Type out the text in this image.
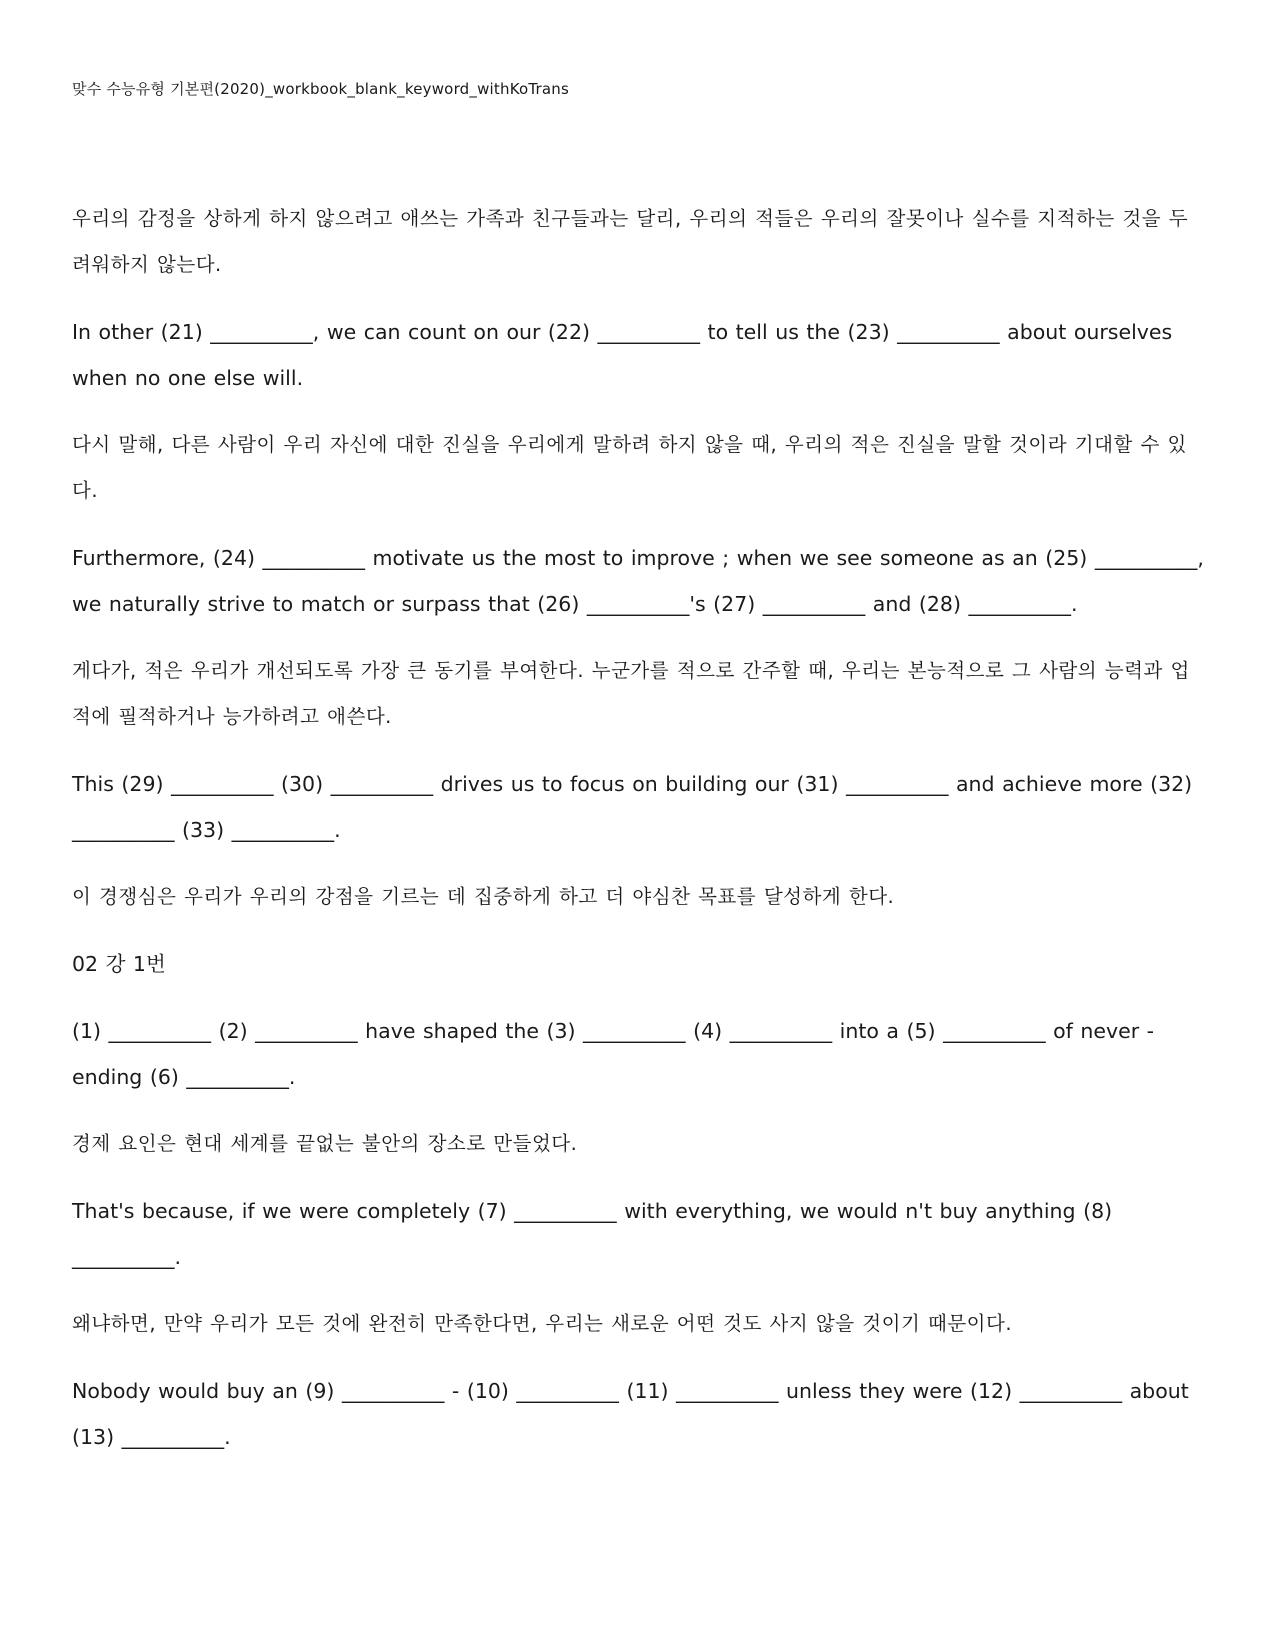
맞수 수능유형 기본편(2020)_workbook_blank_keyword_withKoTrans

우리의 감정을 상하게 하지 않으려고 애쓰는 가족과 친구들과는 달리, 우리의 적들은 우리의 잘못이나 실수를 지적하는 것을 두려워하지 않는다.

In other (21) __________, we can count on our (22) __________ to tell us the (23) __________ about ourselves when no one else will.

다시 말해, 다른 사람이 우리 자신에 대한 진실을 우리에게 말하려 하지 않을 때, 우리의 적은 진실을 말할 것이라 기대할 수 있다.

Furthermore, (24) __________ motivate us the most to improve ; when we see someone as an (25) __________, we naturally strive to match or surpass that (26) __________'s (27) __________ and (28) __________.

게다가, 적은 우리가 개선되도록 가장 큰 동기를 부여한다. 누군가를 적으로 간주할 때, 우리는 본능적으로 그 사람의 능력과 업적에 필적하거나 능가하려고 애쓴다.

This (29) __________ (30) __________ drives us to focus on building our (31) __________ and achieve more (32) __________ (33) __________.

이 경쟁심은 우리가 우리의 강점을 기르는 데 집중하게 하고 더 야심찬 목표를 달성하게 한다.

02 강 1번

(1) __________ (2) __________ have shaped the (3) __________ (4) __________ into a (5) __________ of never - ending (6) __________.

경제 요인은 현대 세계를 끝없는 불안의 장소로 만들었다.

That's because, if we were completely (7) __________ with everything, we would n't buy anything (8) __________.

왜냐하면, 만약 우리가 모든 것에 완전히 만족한다면, 우리는 새로운 어떤 것도 사지 않을 것이기 때문이다.

Nobody would buy an (9) __________ - (10) __________ (11) __________ unless they were (12) __________ about (13) __________.
